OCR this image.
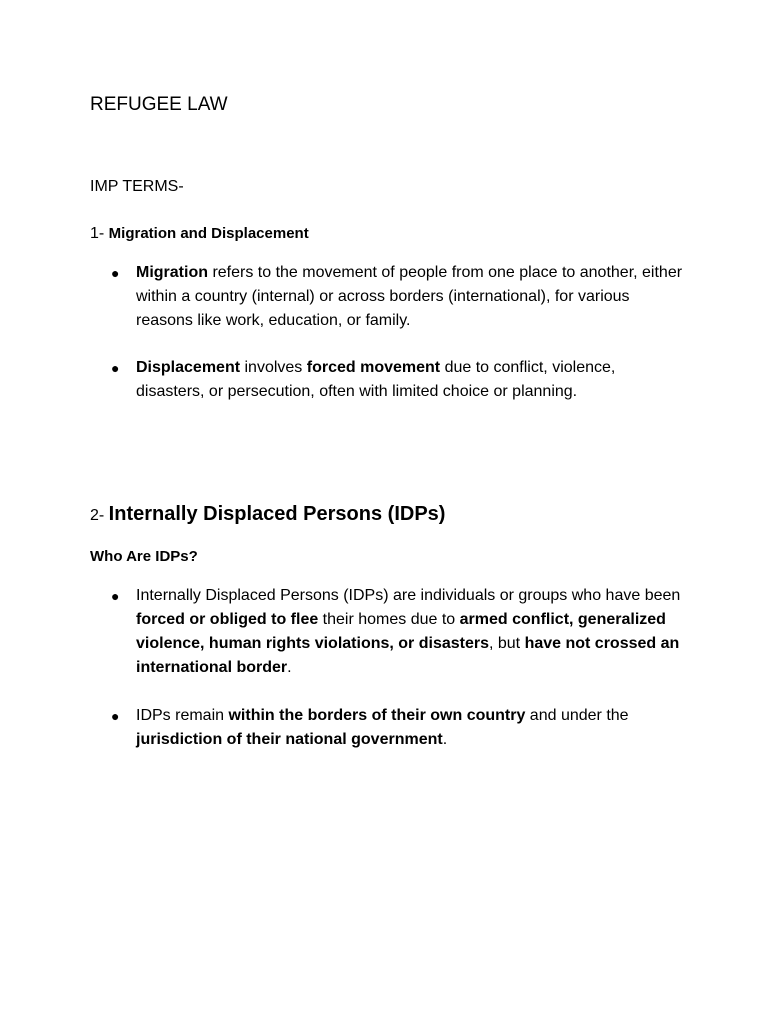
REFUGEE LAW

IMP TERMS-

1- Migration and Displacement
● Migration refers to the movement of people from one place to another, either within a country (internal) or across borders (international), for various reasons like work, education, or family.
● Displacement involves forced movement due to conflict, violence, disasters, or persecution, often with limited choice or planning.
2- Internally Displaced Persons (IDPs)
Who Are IDPs?
● Internally Displaced Persons (IDPs) are individuals or groups who have been forced or obliged to flee their homes due to armed conflict, generalized violence, human rights violations, or disasters, but have not crossed an international border.
● IDPs remain within the borders of their own country and under the jurisdiction of their national government.
